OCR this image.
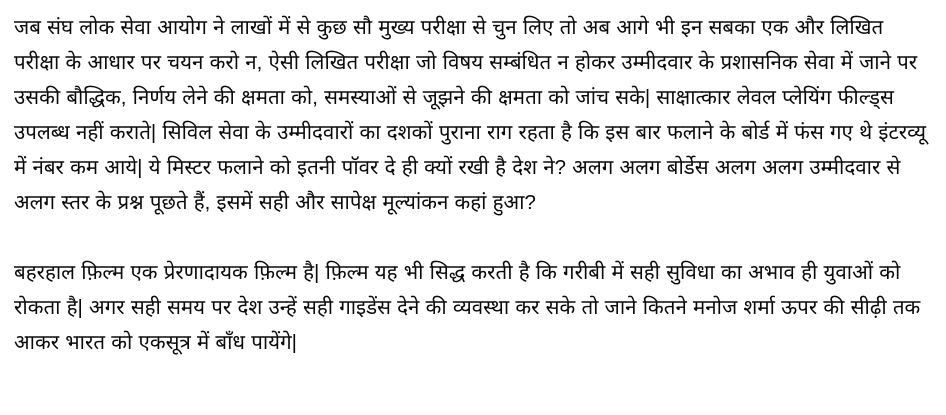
जब संघ लोक सेवा आयोग ने लाखों में से कुछ सौ मुख्य परीक्षा से चुन लिए तो अब आगे भी इन सबका एक और लिखित परीक्षा के आधार पर चयन करो न, ऐसी लिखित परीक्षा जो विषय सम्बंधित न होकर उम्मीदवार के प्रशासनिक सेवा में जाने पर उसकी बौद्धिक, निर्णय लेने की क्षमता को, समस्याओं से जूझने की क्षमता को जांच सके| साक्षात्कार लेवल प्लेयिंग फील्ड्स उपलब्ध नहीं कराते| सिविल सेवा के उम्मीदवारों का दशकों पुराना राग रहता है कि इस बार फलाने के बोर्ड में फंस गए थे इंटरव्यू में नंबर कम आये| ये मिस्टर फलाने को इतनी पॉवर दे ही क्यों रखी है देश ने? अलग अलग बोर्डेस अलग अलग उम्मीदवार से अलग स्तर के प्रश्न पूछते हैं, इसमें सही और सापेक्ष मूल्यांकन कहां हुआ?

बहरहाल फ़िल्म एक प्रेरणादायक फ़िल्म है| फ़िल्म यह भी सिद्ध करती है कि गरीबी में सही सुविधा का अभाव ही युवाओं को रोकता है| अगर सही समय पर देश उन्हें सही गाइडेंस देने की व्यवस्था कर सके तो जाने कितने मनोज शर्मा ऊपर की सीढ़ी तक आकर भारत को एकसूत्र में बाँध पायेंगे|
